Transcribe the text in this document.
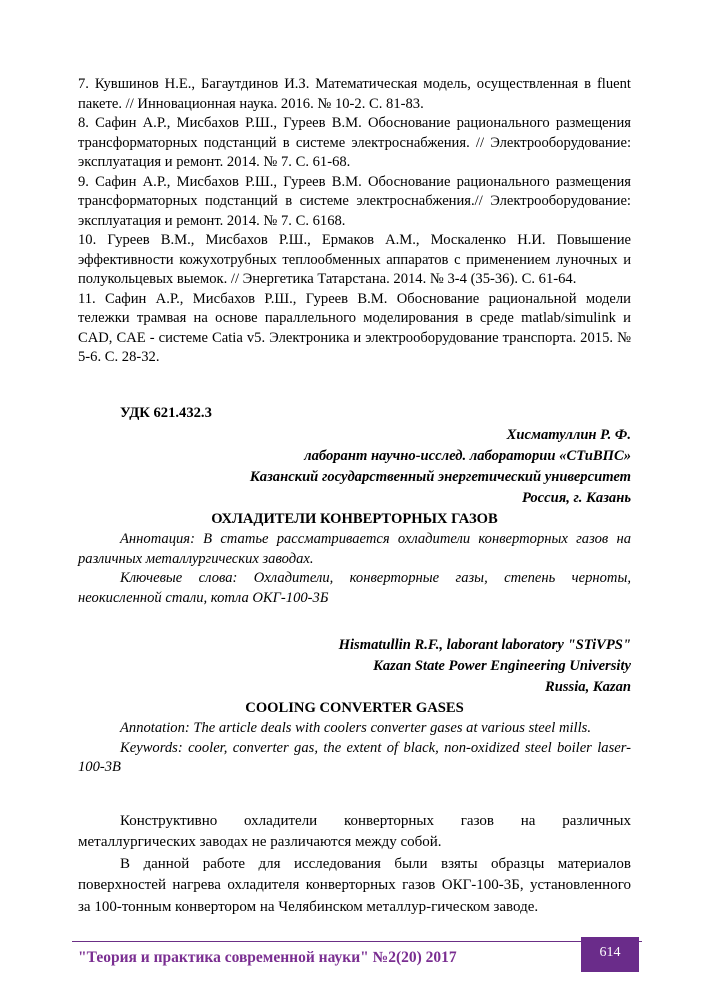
7. Кувшинов Н.Е., Багаутдинов И.З. Математическая модель, осуществленная в fluent пакете. // Инновационная наука. 2016. № 10-2. С. 81-83.

8. Сафин А.Р., Мисбахов Р.Ш., Гуреев В.М. Обоснование рационального размещения трансформаторных подстанций в системе электроснабжения. // Электрооборудование: эксплуатация и ремонт. 2014. № 7. С. 61-68.

9. Сафин А.Р., Мисбахов Р.Ш., Гуреев В.М. Обоснование рационального размещения трансформаторных подстанций в системе электроснабжения.// Электрооборудование: эксплуатация и ремонт. 2014. № 7. С. 6168.

10. Гуреев В.М., Мисбахов Р.Ш., Ермаков А.М., Москаленко Н.И. Повышение эффективности кожухотрубных теплообменных аппаратов с применением луночных и полукольцевых выемок. // Энергетика Татарстана. 2014. № 3-4 (35-36). С. 61-64.

11. Сафин А.Р., Мисбахов Р.Ш., Гуреев В.М. Обоснование рациональной модели тележки трамвая на основе параллельного моделирования в среде matlab/simulink и CAD, CAE - системе Catia v5. Электроника и электрооборудование транспорта. 2015. № 5-6. С. 28-32.

УДК 621.432.3

Хисматуллин Р. Ф.

лаборант научно-исслед. лаборатории «СТиВПС»

Казанский государственный энергетический университет

Россия, г. Казань

ОХЛАДИТЕЛИ КОНВЕРТОРНЫХ ГАЗОВ

Аннотация: В статье рассматривается охладители конверторных газов на различных металлургических заводах.

Ключевые слова: Охладители, конверторные газы, степень черноты, неокисленной стали, котла ОКГ-100-3Б

Hismatullin R.F., laborant laboratory "STiVPS"

Kazan State Power Engineering University

Russia, Kazan

COOLING CONVERTER GASES

Annotation: The article deals with coolers converter gases at various steel mills.

Keywords: cooler, converter gas, the extent of black, non-oxidized steel boiler laser-100-3B

Конструктивно охладители конверторных газов на различных металлургических заводах не различаются между собой.

В данной работе для исследования были взяты образцы материалов поверхностей нагрева охладителя конверторных газов ОКГ-100-3Б, установленного за 100-тонным конвертором на Челябинском металлур-гическом заводе.

"Теория и практика современной науки" №2(20) 2017	614
